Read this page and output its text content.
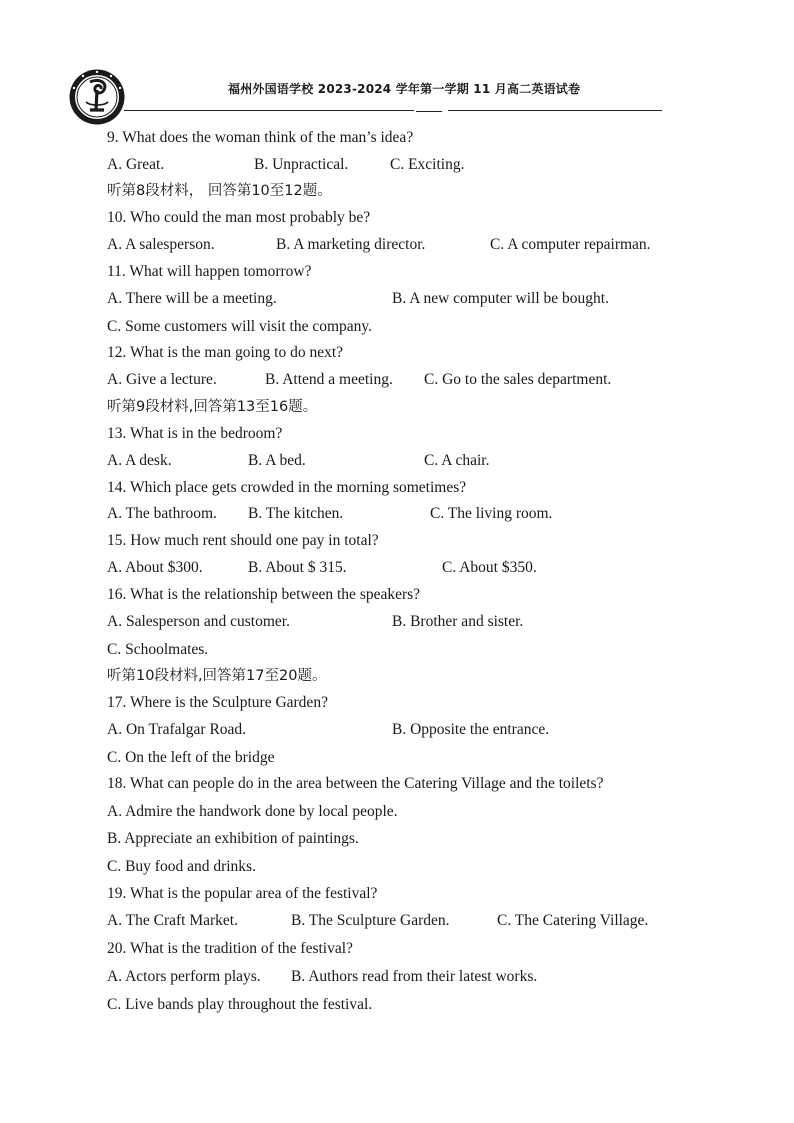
福州外国语学校 2023-2024 学年第一学期 11 月高二英语试卷
9. What does the woman think of the man’s idea?
A. Great.	B. Unpractical.	C. Exciting.
听第8段材料， 回答第10至12题。
10. Who could the man most probably be?
A. A salesperson.	B. A marketing director.	C. A computer repairman.
11. What will happen tomorrow?
A. There will be a meeting.	B. A new computer will be bought.
C. Some customers will visit the company.
12. What is the man going to do next?
A. Give a lecture.	B. Attend a meeting. C. Go to the sales department.
听第9段材料,回答第13至16题。
13. What is in the bedroom?
A. A desk.	B. A bed.	C. A chair.
14. Which place gets crowded in the morning sometimes?
A. The bathroom. B. The kitchen.	C. The living room.
15. How much rent should one pay in total?
A. About $300.	B. About $ 315.	C. About $350.
16. What is the relationship between the speakers?
A. Salesperson and customer.	B. Brother and sister.
C. Schoolmates.
听第10段材料,回答第17至20题。
17. Where is the Sculpture Garden?
A. On Trafalgar Road.	B. Opposite the entrance.
C. On the left of the bridge
18. What can people do in the area between the Catering Village and the toilets?
A. Admire the handwork done by local people.
B. Appreciate an exhibition of paintings.
C. Buy food and drinks.
19. What is the popular area of the festival?
A. The Craft Market.	B. The Sculpture Garden.	C. The Catering Village.
20. What is the tradition of the festival?
A. Actors perform plays. B. Authors read from their latest works.
C. Live bands play throughout the festival.
